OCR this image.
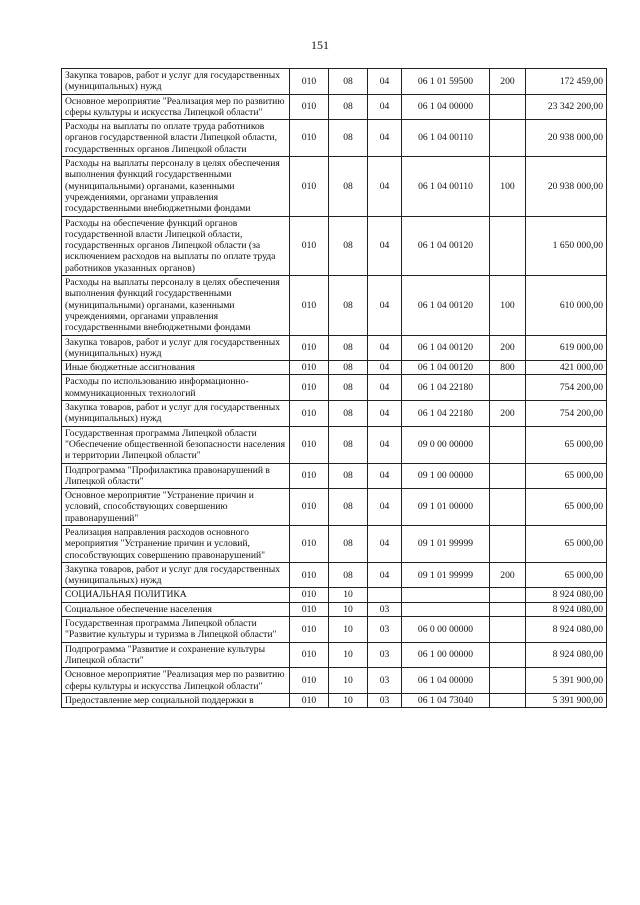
151
Закупка товаров, работ и услуг для государственных (муниципальных) нужд	010	08	04	06 1 01 59500	200	172 459,00
Основное мероприятие "Реализация мер по развитию сферы культуры и искусства Липецкой области"	010	08	04	06 1 04 00000		23 342 200,00
Расходы на выплаты по оплате труда работников органов государственной власти Липецкой области, государственных органов Липецкой области	010	08	04	06 1 04 00110		20 938 000,00
Расходы на выплаты персоналу в целях обеспечения выполнения функций государственными (муниципальными) органами, казенными учреждениями, органами управления государственными внебюджетными фондами	010	08	04	06 1 04 00110	100	20 938 000,00
Расходы на обеспечение функций органов государственной власти Липецкой области, государственных органов Липецкой области (за исключением расходов на выплаты по оплате труда работников указанных органов)	010	08	04	06 1 04 00120		1 650 000,00
Расходы на выплаты персоналу в целях обеспечения выполнения функций государственными (муниципальными) органами, казенными учреждениями, органами управления государственными внебюджетными фондами	010	08	04	06 1 04 00120	100	610 000,00
Закупка товаров, работ и услуг для государственных (муниципальных) нужд	010	08	04	06 1 04 00120	200	619 000,00
Иные бюджетные ассигнования	010	08	04	06 1 04 00120	800	421 000,00
Расходы по использованию информационно-коммуникационных технологий	010	08	04	06 1 04 22180		754 200,00
Закупка товаров, работ и услуг для государственных (муниципальных) нужд	010	08	04	06 1 04 22180	200	754 200,00
Государственная программа Липецкой области "Обеспечение общественной безопасности населения и территории Липецкой области"	010	08	04	09 0 00 00000		65 000,00
Подпрограмма "Профилактика правонарушений в Липецкой области"	010	08	04	09 1 00 00000		65 000,00
Основное мероприятие "Устранение причин и условий, способствующих совершению правонарушений"	010	08	04	09 1 01 00000		65 000,00
Реализация направления расходов основного мероприятия "Устранение причин и условий, способствующих совершению правонарушений"	010	08	04	09 1 01 99999		65 000,00
Закупка товаров, работ и услуг для государственных (муниципальных) нужд	010	08	04	09 1 01 99999	200	65 000,00
СОЦИАЛЬНАЯ ПОЛИТИКА	010	10				8 924 080,00
Социальное обеспечение населения	010	10	03			8 924 080,00
Государственная программа Липецкой области "Развитие культуры и туризма в Липецкой области"	010	10	03	06 0 00 00000		8 924 080,00
Подпрограмма "Развитие и сохранение культуры Липецкой области"	010	10	03	06 1 00 00000		8 924 080,00
Основное мероприятие "Реализация мер по развитию сферы культуры и искусства Липецкой области"	010	10	03	06 1 04 00000		5 391 900,00
Предоставление мер социальной поддержки в	010	10	03	06 1 04 73040		5 391 900,00
